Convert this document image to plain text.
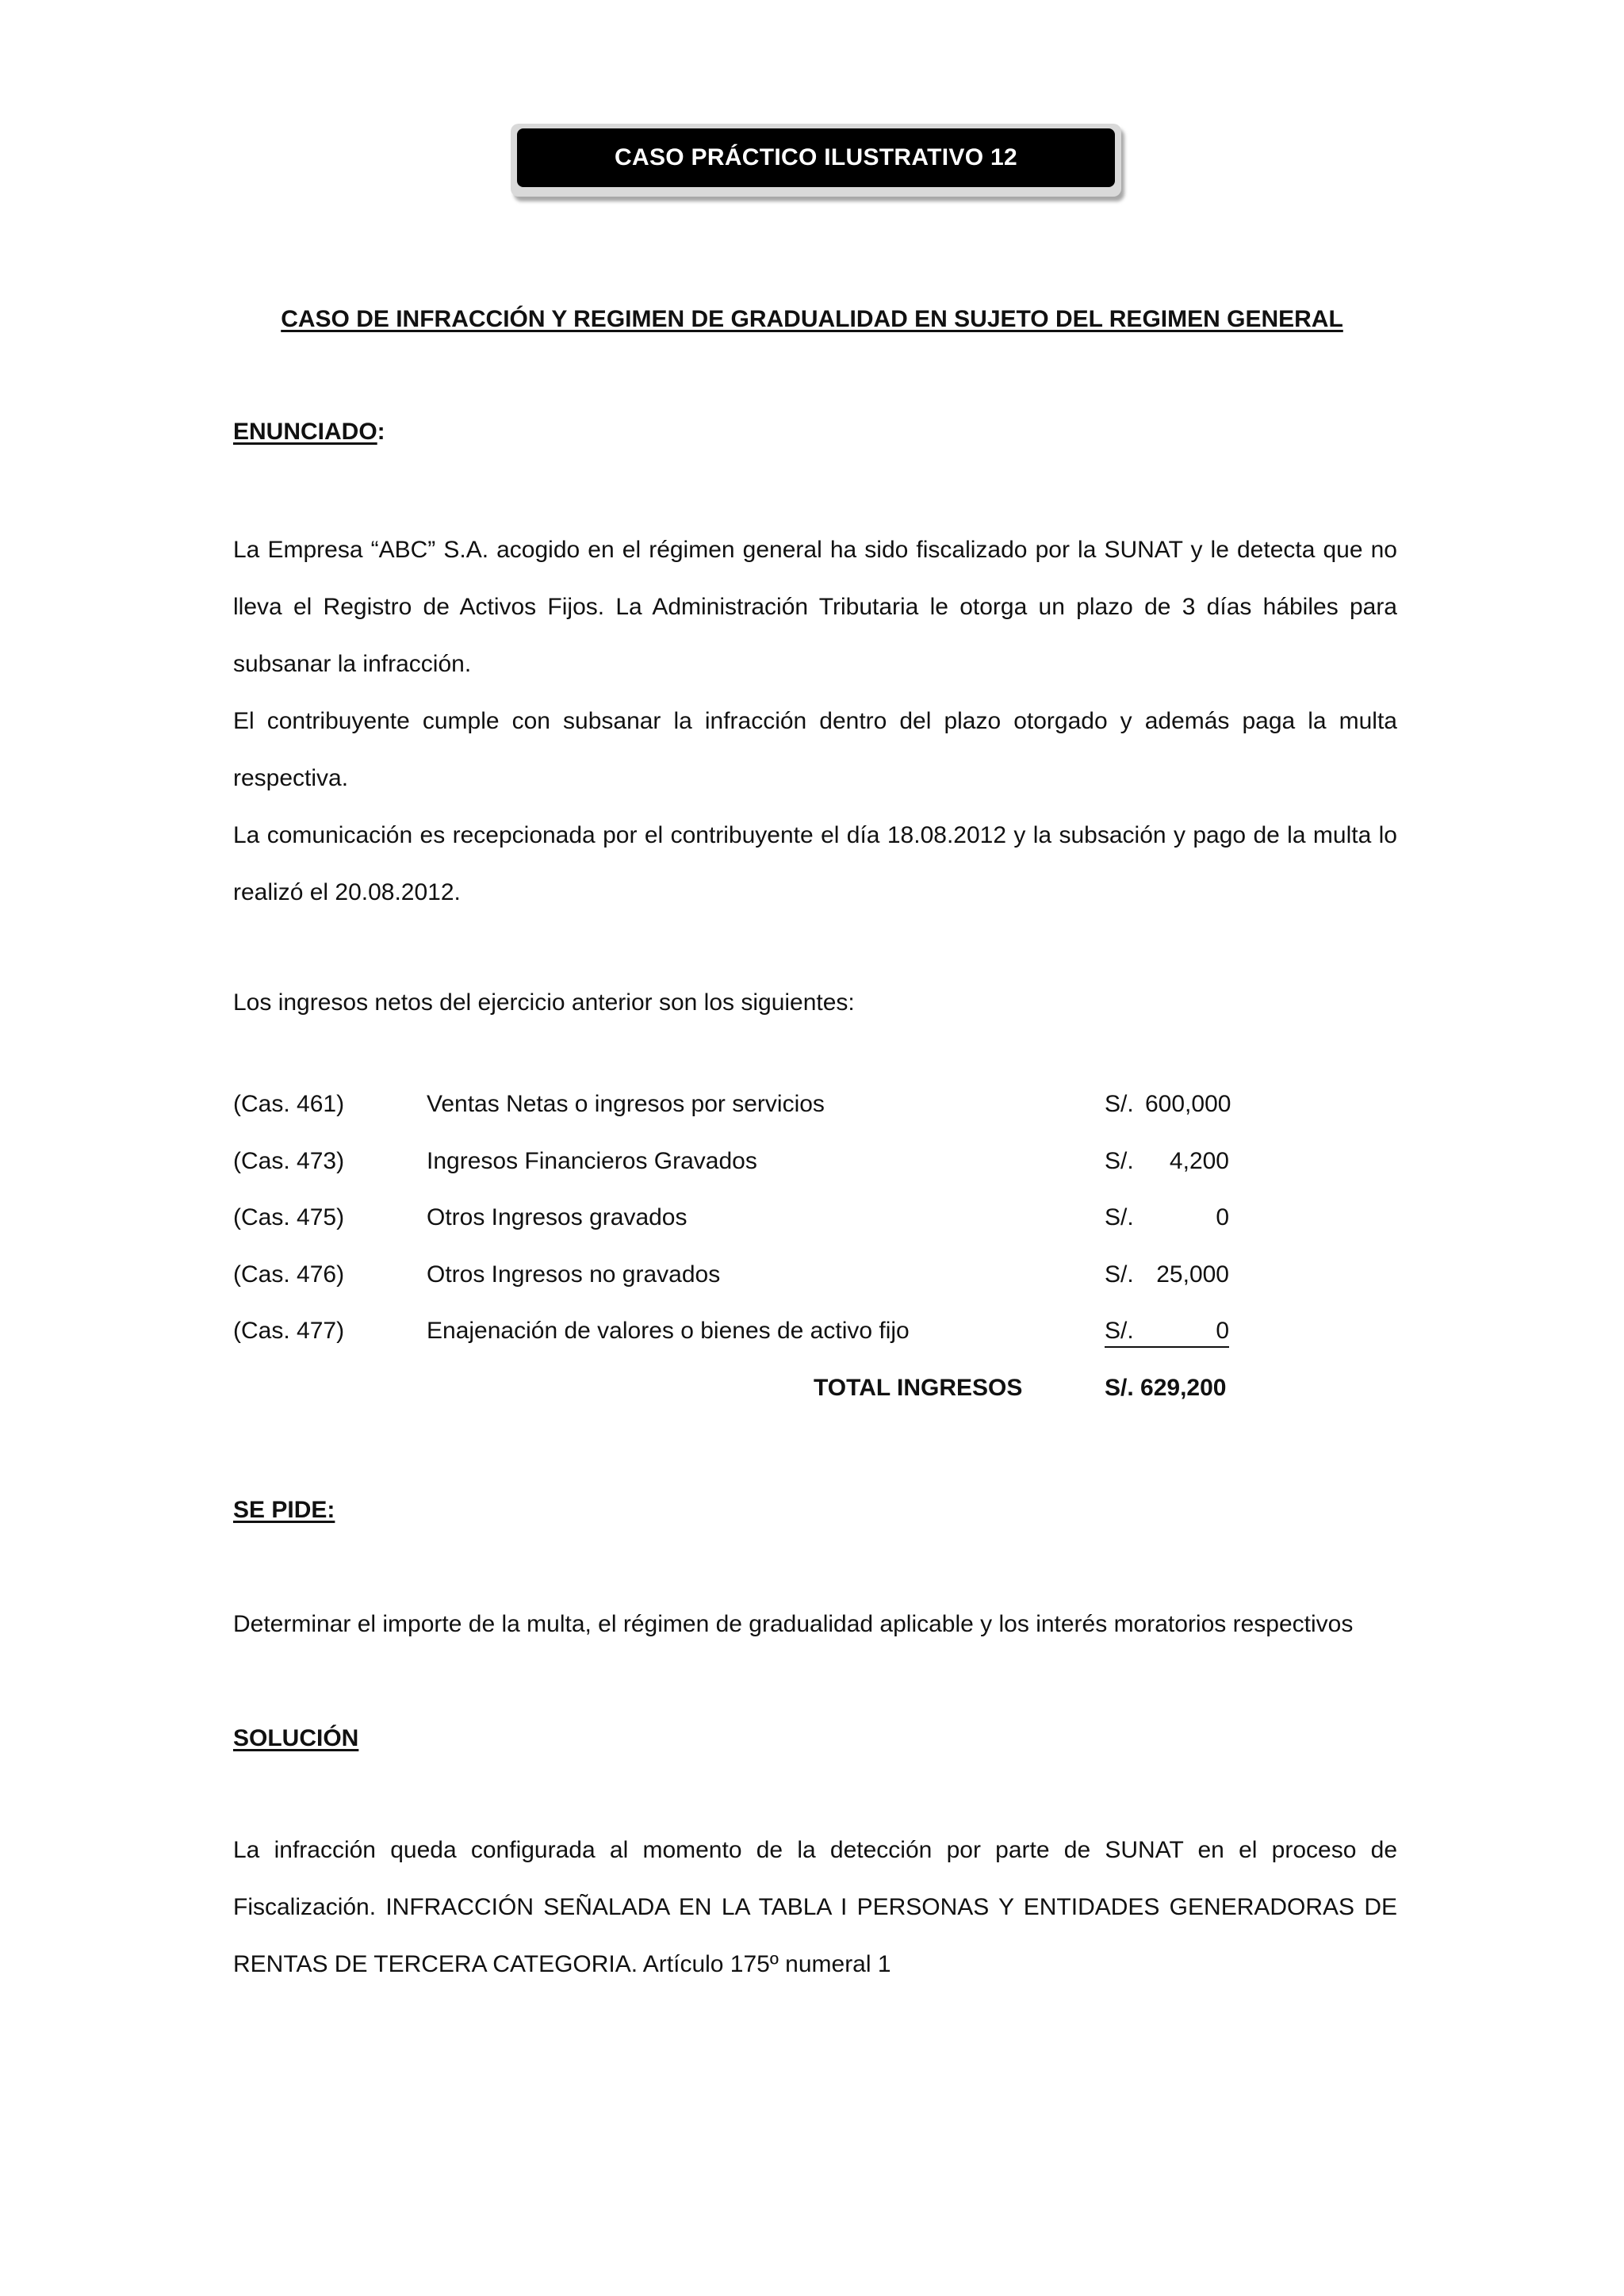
CASO PRÁCTICO ILUSTRATIVO 12
CASO DE INFRACCIÓN Y REGIMEN DE GRADUALIDAD EN SUJETO DEL REGIMEN GENERAL
ENUNCIADO:

La Empresa “ABC” S.A. acogido en el régimen general ha sido fiscalizado por la SUNAT y le detecta que no lleva el Registro de Activos Fijos. La Administración Tributaria le otorga un plazo de 3 días hábiles para subsanar la infracción.

El contribuyente cumple con subsanar la infracción dentro del plazo otorgado y además paga la multa respectiva.

La comunicación es recepcionada por el contribuyente el día 18.08.2012 y la subsación y pago de la multa lo realizó el 20.08.2012.

Los ingresos netos del ejercicio anterior son los siguientes:
(Cas. 461)	Ventas Netas o ingresos por servicios	S/. 600,000
(Cas. 473)	Ingresos Financieros Gravados	S/.	4,200
(Cas. 475)	Otros Ingresos gravados	S/.	0
(Cas. 476)	Otros Ingresos no gravados	S/. 25,000
(Cas. 477)	Enajenación de valores o bienes de activo fijo	S/.	0
TOTAL INGRESOS	S/. 629,200
SE PIDE:
Determinar el importe de la multa, el régimen de gradualidad aplicable y los interés moratorios respectivos
SOLUCIÓN

La infracción queda configurada al momento de la detección por parte de SUNAT en el proceso de Fiscalización. INFRACCIÓN SEÑALADA EN LA TABLA I PERSONAS Y ENTIDADES GENERADORAS DE RENTAS DE TERCERA CATEGORIA. Artículo 175º numeral 1
